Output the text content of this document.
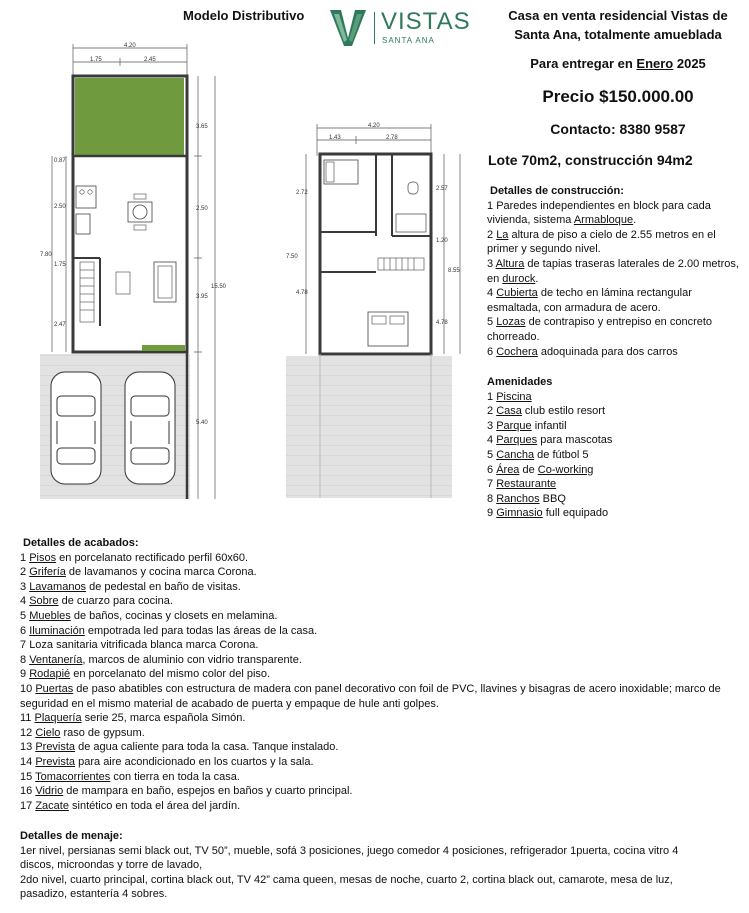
Modelo Distributivo	VISTAS
SANTA ANA
Casa en venta residencial Vistas de
Santa Ana, totalmente amueblada
Para entregar en Enero 2025
Precio $150.000.00
Contacto: 8380 9587
Lote 70m2, construcción 94m2
4.20
1.75	2.45
3.65
2.50
3.95
5.40
15.50
0.87
2.50
7.80
1.75
2.47
4.20
1.43	2.78
2.72
7.50
4.78
2.57
1.20
8.55
4.78
Detalles de construcción:
1 Paredes independientes en block para cada
vivienda, sistema Armabloque.
2 La altura de piso a cielo de 2.55 metros en el
primer y segundo nivel.
3 Altura de tapias traseras laterales de 2.00 metros,
en durock.
4 Cubierta de techo en lámina rectangular
esmaltada, con armadura de acero.
5 Lozas de contrapiso y entrepiso en concreto
chorreado.
6 Cochera adoquinada para dos carros
Amenidades
1 Piscina
2 Casa club estilo resort
3 Parque infantil
4 Parques para mascotas
5 Cancha de fútbol 5
6 Área de Co-working
7 Restaurante
8 Ranchos BBQ
9 Gimnasio full equipado
Detalles de acabados:
1 Pisos en porcelanato rectificado perfil 60x60.
2 Grifería de lavamanos y cocina marca Corona.
3 Lavamanos de pedestal en baño de visitas.
4 Sobre de cuarzo para cocina.
5 Muebles de baños, cocinas y closets en melamina.
6 Iluminación empotrada led para todas las áreas de la casa.
7 Loza sanitaria vitrificada blanca marca Corona.
8 Ventanería, marcos de aluminio con vidrio transparente.
9 Rodapié en porcelanato del mismo color del piso.
10 Puertas de paso abatibles con estructura de madera con panel decorativo con foil de PVC, llavines y bisagras de acero inoxidable; marco de
seguridad en el mismo material de acabado de puerta y empaque de hule anti golpes.
11 Plaquería serie 25, marca española Simón.
12 Cielo raso de gypsum.
13 Prevista de agua caliente para toda la casa. Tanque instalado.
14 Prevista para aire acondicionado en los cuartos y la sala.
15 Tomacorrientes con tierra en toda la casa.
16 Vidrio de mampara en baño, espejos en baños y cuarto principal.
17 Zacate sintético en toda el área del jardín.
Detalles de menaje:
1er nivel, persianas semi black out, TV 50”, mueble, sofá 3 posiciones, juego comedor 4 posiciones, refrigerador 1puerta, cocina vitro 4
discos, microondas y torre de lavado,
2do nivel, cuarto principal, cortina black out, TV 42” cama queen, mesas de noche, cuarto 2, cortina black out, camarote, mesa de luz,
pasadizo, estantería 4 sobres.
